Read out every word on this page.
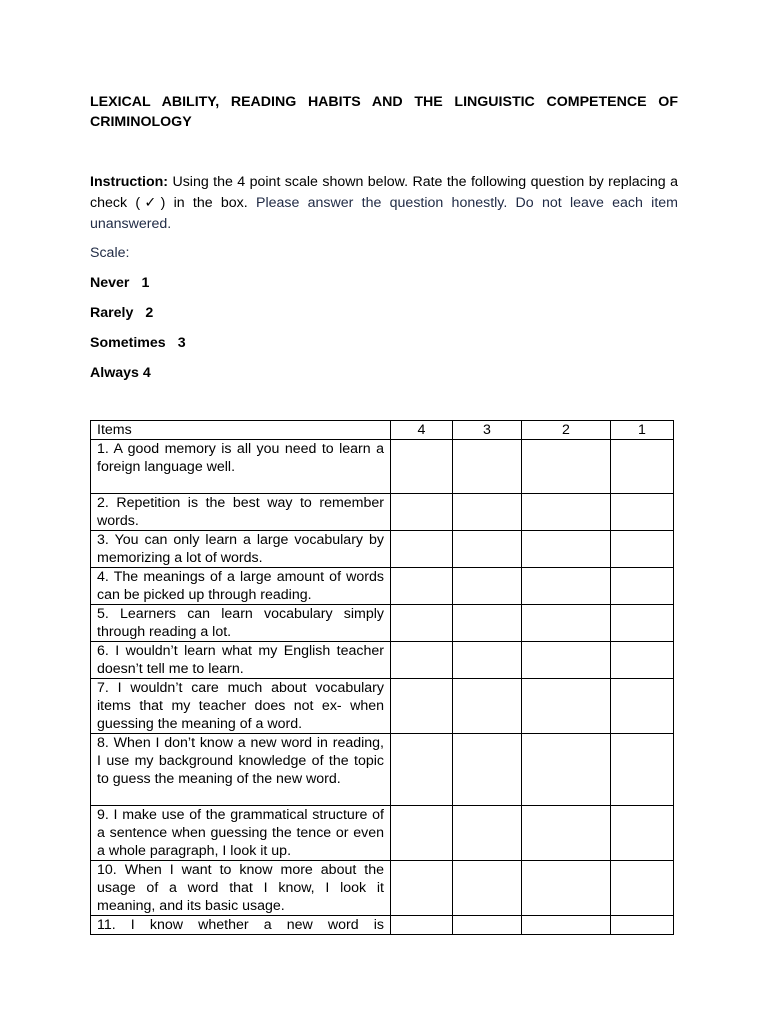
LEXICAL ABILITY, READING HABITS AND THE LINGUISTIC COMPETENCE OF CRIMINOLOGY

Instruction: Using the 4 point scale shown below. Rate the following question by replacing a check (✓) in the box. Please answer the question honestly. Do not leave each item unanswered.

Scale:
Never 1
Rarely 2
Sometimes 3
Always 4
Items	4	3	2	1
1. A good memory is all you need to learn a foreign language well.				
2. Repetition is the best way to remember words.				
3. You can only learn a large vocabulary by memorizing a lot of words.				
4. The meanings of a large amount of words can be picked up through reading.				
5. Learners can learn vocabulary simply through reading a lot.				
6. I wouldn’t learn what my English teacher doesn’t tell me to learn.				
7. I wouldn’t care much about vocabulary items that my teacher does not ex- when guessing the meaning of a word.				
8. When I don’t know a new word in reading, I use my background knowledge of the topic to guess the meaning of the new word.				
9. I make use of the grammatical structure of a sentence when guessing the tence or even a whole paragraph, I look it up.				
10. When I want to know more about the usage of a word that I know, I look it meaning, and its basic usage.				
11. I know whether a new word is				
